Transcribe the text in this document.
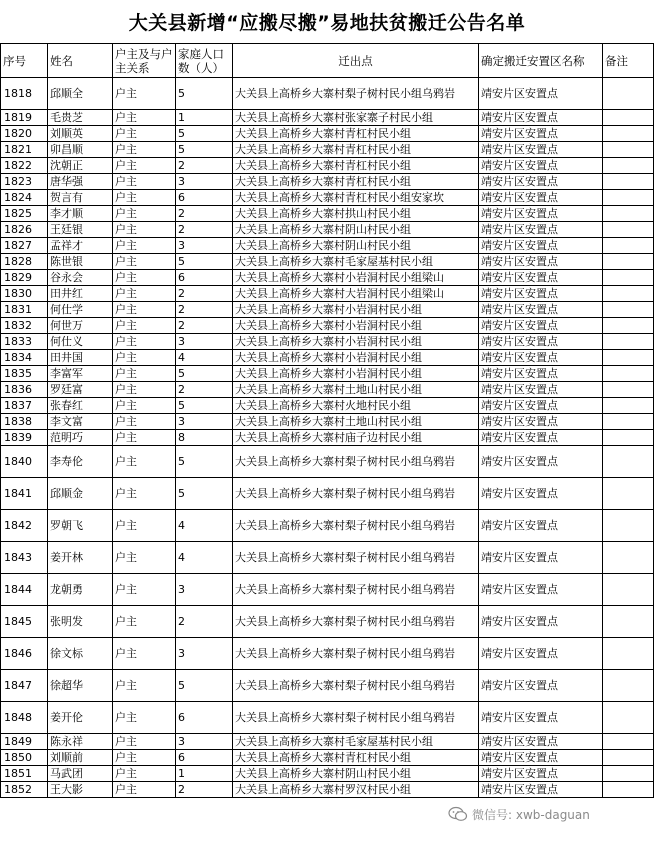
大关县新增“应搬尽搬”易地扶贫搬迁公告名单
序号	姓名	户主及与户主关系	家庭人口数（人）	迁出点	确定搬迁安置区名称	备注
1818	邱顺全	户主	5	大关县上高桥乡大寨村梨子树村民小组乌鸦岩	靖安片区安置点	
1819	毛贵芝	户主	1	大关县上高桥乡大寨村张家寨子村民小组	靖安片区安置点	
1820	刘顺英	户主	5	大关县上高桥乡大寨村青杠村民小组	靖安片区安置点	
1821	卯昌顺	户主	5	大关县上高桥乡大寨村青杠村民小组	靖安片区安置点	
1822	沈朝正	户主	2	大关县上高桥乡大寨村青杠村民小组	靖安片区安置点	
1823	唐华强	户主	3	大关县上高桥乡大寨村青杠村民小组	靖安片区安置点	
1824	贺言有	户主	6	大关县上高桥乡大寨村青杠村民小组安家坎	靖安片区安置点	
1825	李才顺	户主	2	大关县上高桥乡大寨村拱山村民小组	靖安片区安置点	
1826	王廷银	户主	2	大关县上高桥乡大寨村阴山村民小组	靖安片区安置点	
1827	孟祥才	户主	3	大关县上高桥乡大寨村阴山村民小组	靖安片区安置点	
1828	陈世银	户主	5	大关县上高桥乡大寨村毛家屋基村民小组	靖安片区安置点	
1829	谷永会	户主	6	大关县上高桥乡大寨村小岩洞村民小组梁山	靖安片区安置点	
1830	田井红	户主	2	大关县上高桥乡大寨村大岩洞村民小组梁山	靖安片区安置点	
1831	何仕学	户主	2	大关县上高桥乡大寨村小岩洞村民小组	靖安片区安置点	
1832	何世万	户主	2	大关县上高桥乡大寨村小岩洞村民小组	靖安片区安置点	
1833	何仕义	户主	3	大关县上高桥乡大寨村小岩洞村民小组	靖安片区安置点	
1834	田井国	户主	4	大关县上高桥乡大寨村小岩洞村民小组	靖安片区安置点	
1835	李富军	户主	5	大关县上高桥乡大寨村小岩洞村民小组	靖安片区安置点	
1836	罗廷富	户主	2	大关县上高桥乡大寨村土地山村民小组	靖安片区安置点	
1837	张春红	户主	5	大关县上高桥乡大寨村火地村民小组	靖安片区安置点	
1838	李文富	户主	3	大关县上高桥乡大寨村土地山村民小组	靖安片区安置点	
1839	范明巧	户主	8	大关县上高桥乡大寨村庙子边村民小组	靖安片区安置点	
1840	李寿伦	户主	5	大关县上高桥乡大寨村梨子树村民小组乌鸦岩	靖安片区安置点	
1841	邱顺金	户主	5	大关县上高桥乡大寨村梨子树村民小组乌鸦岩	靖安片区安置点	
1842	罗朝飞	户主	4	大关县上高桥乡大寨村梨子树村民小组乌鸦岩	靖安片区安置点	
1843	姜开林	户主	4	大关县上高桥乡大寨村梨子树村民小组乌鸦岩	靖安片区安置点	
1844	龙朝勇	户主	3	大关县上高桥乡大寨村梨子树村民小组乌鸦岩	靖安片区安置点	
1845	张明发	户主	2	大关县上高桥乡大寨村梨子树村民小组乌鸦岩	靖安片区安置点	
1846	徐文标	户主	3	大关县上高桥乡大寨村梨子树村民小组乌鸦岩	靖安片区安置点	
1847	徐超华	户主	5	大关县上高桥乡大寨村梨子树村民小组乌鸦岩	靖安片区安置点	
1848	姜开伦	户主	6	大关县上高桥乡大寨村梨子树村民小组乌鸦岩	靖安片区安置点	
1849	陈永祥	户主	3	大关县上高桥乡大寨村毛家屋基村民小组	靖安片区安置点	
1850	刘顺前	户主	6	大关县上高桥乡大寨村青杠村民小组	靖安片区安置点	
1851	马武团	户主	1	大关县上高桥乡大寨村阴山村民小组	靖安片区安置点	
1852	王大影	户主	2	大关县上高桥乡大寨村罗汉村民小组	靖安片区安置点	
微信号: xwb-daguan
